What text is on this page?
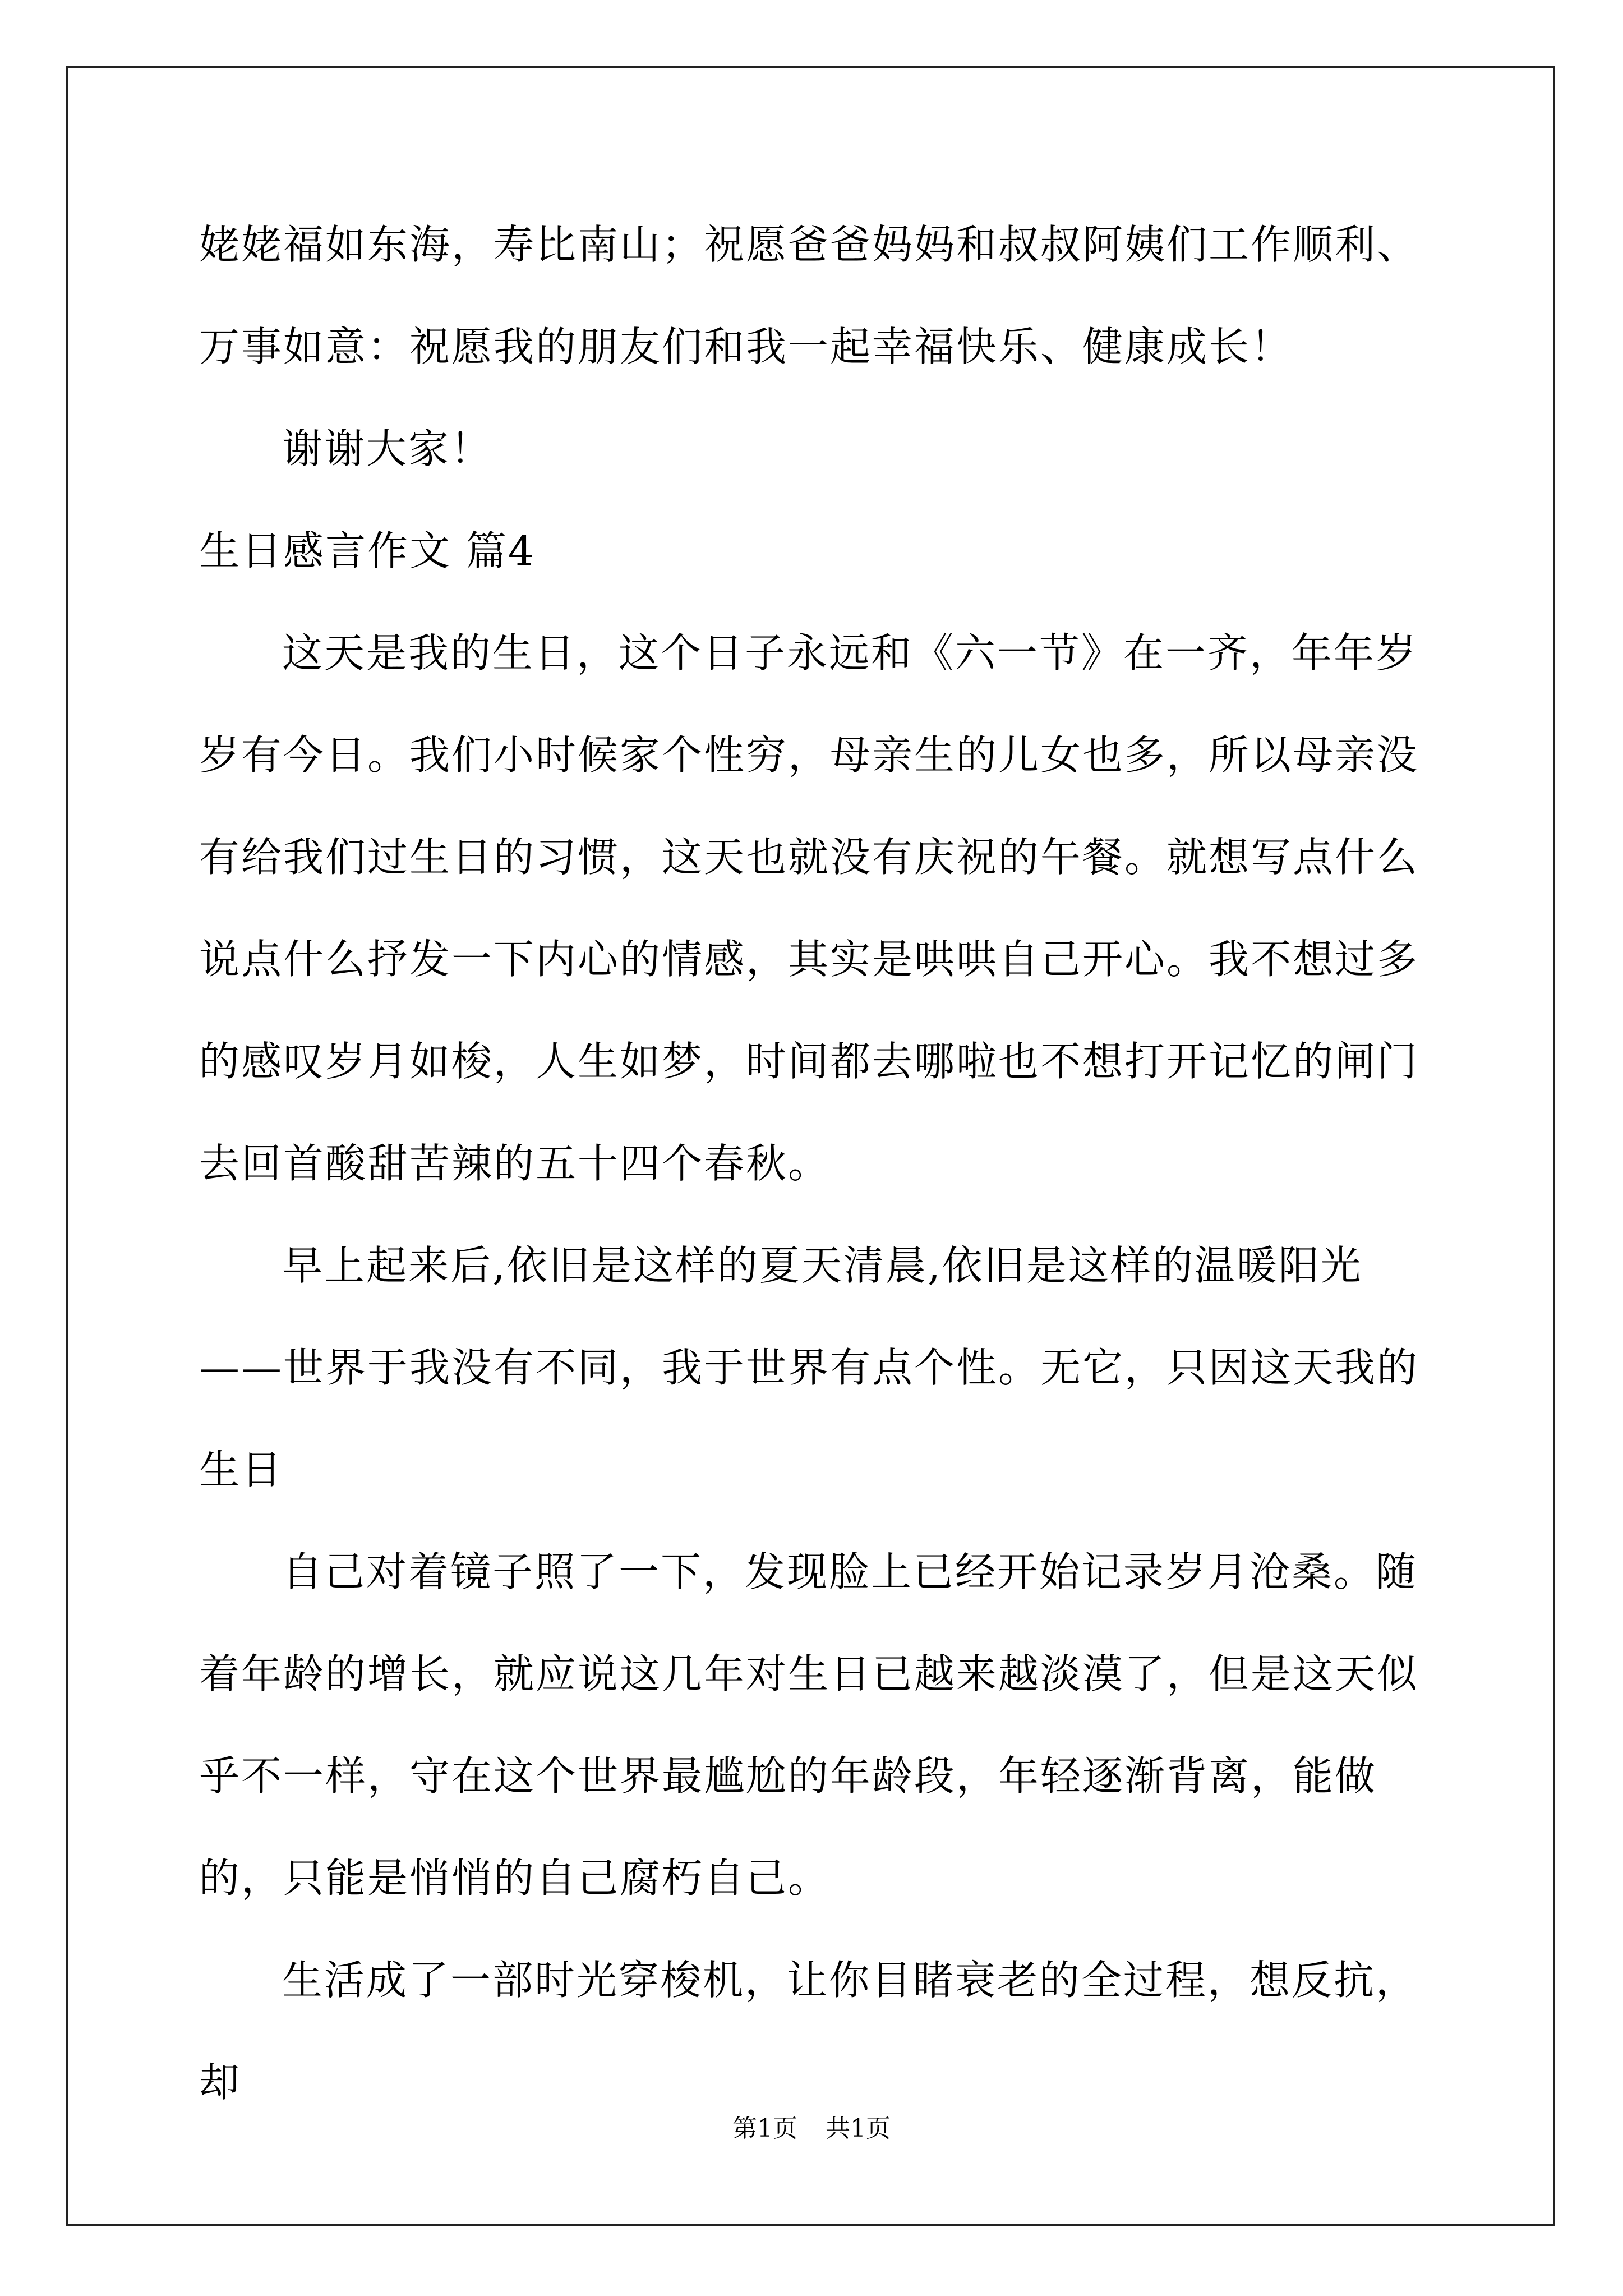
姥姥福如东海，寿比南山；祝愿爸爸妈妈和叔叔阿姨们工作顺利、万事如意：祝愿我的朋友们和我一起幸福快乐、健康成长！

谢谢大家！

生日感言作文 篇4

这天是我的生日，这个日子永远和《六一节》在一齐，年年岁岁有今日。我们小时候家个性穷，母亲生的儿女也多，所以母亲没有给我们过生日的习惯，这天也就没有庆祝的午餐。就想写点什么说点什么抒发一下内心的情感，其实是哄哄自己开心。我不想过多的感叹岁月如梭，人生如梦，时间都去哪啦也不想打开记忆的闸门去回首酸甜苦辣的五十四个春秋。

早上起来后,依旧是这样的夏天清晨,依旧是这样的温暖阳光——世界于我没有不同，我于世界有点个性。无它，只因这天我的生日

自己对着镜子照了一下，发现脸上已经开始记录岁月沧桑。随着年龄的增长，就应说这几年对生日已越来越淡漠了，但是这天似乎不一样，守在这个世界最尴尬的年龄段，年轻逐渐背离，能做的，只能是悄悄的自己腐朽自己。

生活成了一部时光穿梭机，让你目睹衰老的全过程，想反抗，却

第1页 共1页
